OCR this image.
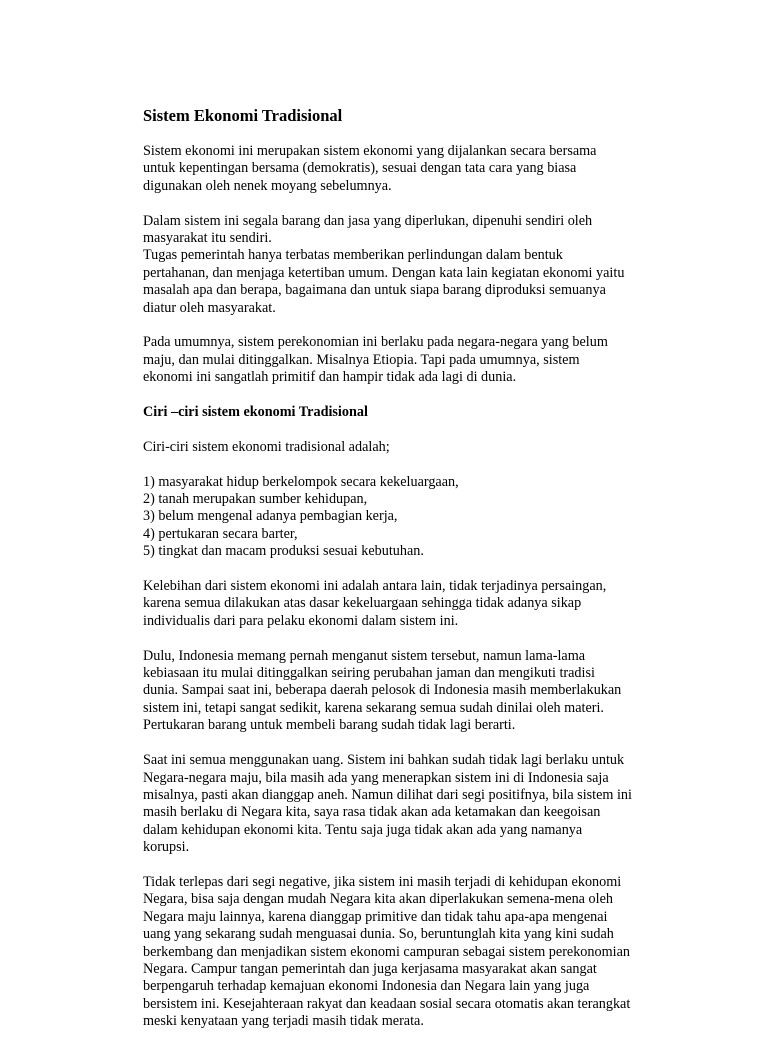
Sistem Ekonomi Tradisional

Sistem ekonomi ini merupakan sistem ekonomi yang dijalankan secara bersama
untuk kepentingan bersama (demokratis), sesuai dengan tata cara yang biasa
digunakan oleh nenek moyang sebelumnya.

Dalam sistem ini segala barang dan jasa yang diperlukan, dipenuhi sendiri oleh
masyarakat itu sendiri.
Tugas pemerintah hanya terbatas memberikan perlindungan dalam bentuk
pertahanan, dan menjaga ketertiban umum. Dengan kata lain kegiatan ekonomi yaitu
masalah apa dan berapa, bagaimana dan untuk siapa barang diproduksi semuanya
diatur oleh masyarakat.

Pada umumnya, sistem perekonomian ini berlaku pada negara-negara yang belum
maju, dan mulai ditinggalkan. Misalnya Etiopia. Tapi pada umumnya, sistem
ekonomi ini sangatlah primitif dan hampir tidak ada lagi di dunia.

Ciri –ciri sistem ekonomi Tradisional

Ciri-ciri sistem ekonomi tradisional adalah;

1) masyarakat hidup berkelompok secara kekeluargaan,
2) tanah merupakan sumber kehidupan,
3) belum mengenal adanya pembagian kerja,
4) pertukaran secara barter,
5) tingkat dan macam produksi sesuai kebutuhan.

Kelebihan dari sistem ekonomi ini adalah antara lain, tidak terjadinya persaingan,
karena semua dilakukan atas dasar kekeluargaan sehingga tidak adanya sikap
individualis dari para pelaku ekonomi dalam sistem ini.

Dulu, Indonesia memang pernah menganut sistem tersebut, namun lama-lama
kebiasaan itu mulai ditinggalkan seiring perubahan jaman dan mengikuti tradisi
dunia. Sampai saat ini, beberapa daerah pelosok di Indonesia masih memberlakukan
sistem ini, tetapi sangat sedikit, karena sekarang semua sudah dinilai oleh materi.
Pertukaran barang untuk membeli barang sudah tidak lagi berarti.

Saat ini semua menggunakan uang. Sistem ini bahkan sudah tidak lagi berlaku untuk
Negara-negara maju, bila masih ada yang menerapkan sistem ini di Indonesia saja
misalnya, pasti akan dianggap aneh. Namun dilihat dari segi positifnya, bila sistem ini
masih berlaku di Negara kita, saya rasa tidak akan ada ketamakan dan keegoisan
dalam kehidupan ekonomi kita. Tentu saja juga tidak akan ada yang namanya
korupsi.

Tidak terlepas dari segi negative, jika sistem ini masih terjadi di kehidupan ekonomi
Negara, bisa saja dengan mudah Negara kita akan diperlakukan semena-mena oleh
Negara maju lainnya, karena dianggap primitive dan tidak tahu apa-apa mengenai
uang yang sekarang sudah menguasai dunia. So, beruntunglah kita yang kini sudah
berkembang dan menjadikan sistem ekonomi campuran sebagai sistem perekonomian
Negara. Campur tangan pemerintah dan juga kerjasama masyarakat akan sangat
berpengaruh terhadap kemajuan ekonomi Indonesia dan Negara lain yang juga
bersistem ini. Kesejahteraan rakyat dan keadaan sosial secara otomatis akan terangkat
meski kenyataan yang terjadi masih tidak merata.
